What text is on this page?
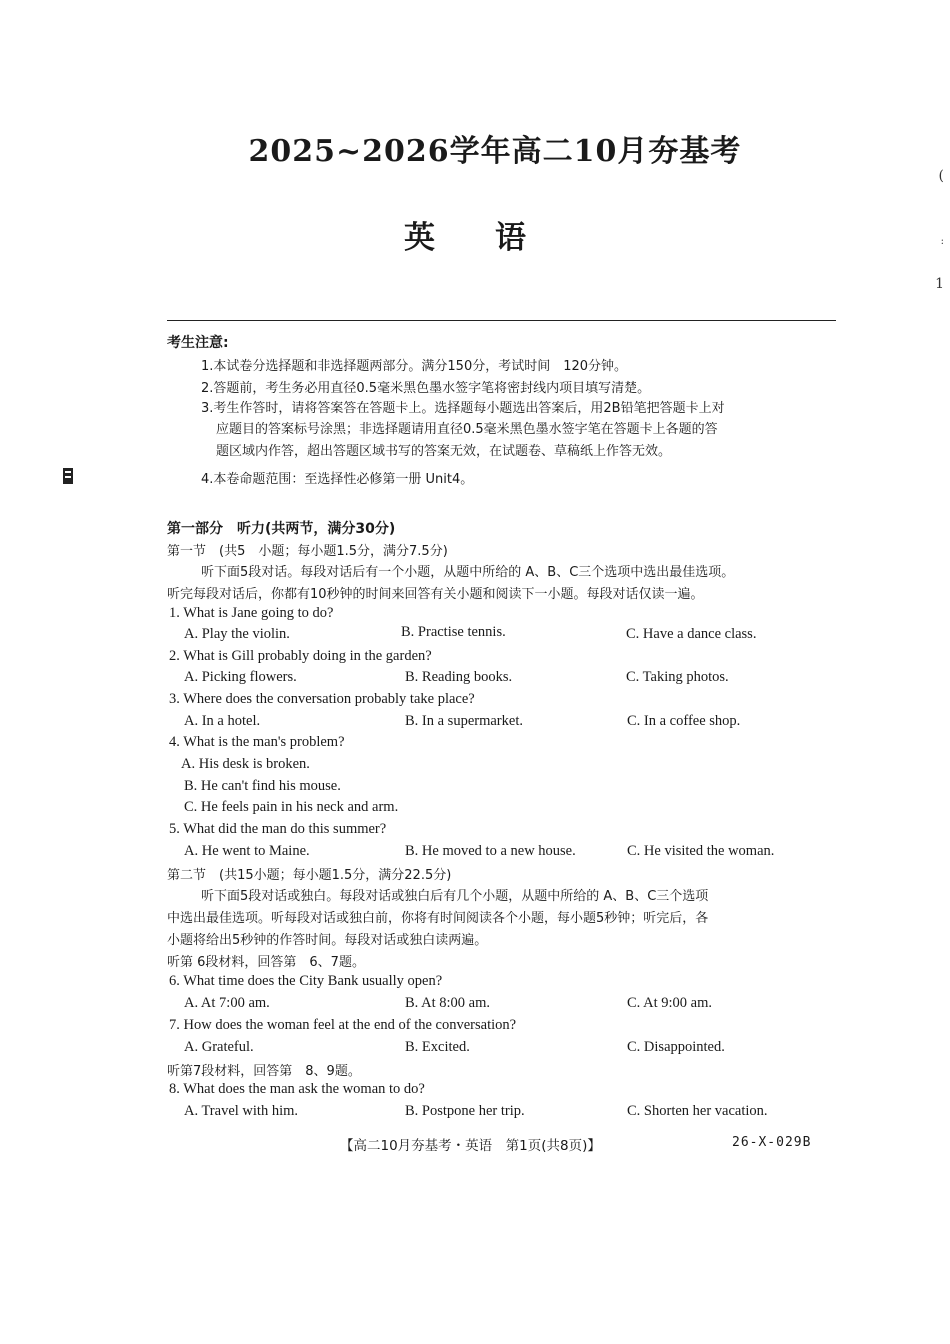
2025~2026学年高二10月夯基考
英语
(
:
1
考生注意:
1.本试卷分选择题和非选择题两部分。满分150分，考试时间　120分钟。
2.答题前，考生务必用直径0.5毫米黑色墨水签字笔将密封线内项目填写清楚。
3.考生作答时，请将答案答在答题卡上。选择题每小题选出答案后，用2B铅笔把答题卡上对
应题目的答案标号涂黑；非选择题请用直径0.5毫米黑色墨水签字笔在答题卡上各题的答
题区域内作答，超出答题区域书写的答案无效，在试题卷、草稿纸上作答无效。
4.本卷命题范围：至选择性必修第一册 Unit4。
第一部分　听力(共两节，满分30分)
第一节　(共5　小题；每小题1.5分，满分7.5分)
听下面5段对话。每段对话后有一个小题，从题中所给的 A、B、C三个选项中选出最佳选项。
听完每段对话后，你都有10秒钟的时间来回答有关小题和阅读下一小题。每段对话仅读一遍。
1. What is Jane going to do?
A. Play the violin.	B. Practise tennis.	C. Have a dance class.
2. What is Gill probably doing in the garden?
A. Picking flowers.	B. Reading books.	C. Taking photos.
3. Where does the conversation probably take place?
A. In a hotel.	B. In a supermarket.	C. In a coffee shop.
4. What is the man's problem?
A. His desk is broken.
B. He can't find his mouse.
C. He feels pain in his neck and arm.
5. What did the man do this summer?
A. He went to Maine.	B. He moved to a new house.	C. He visited the woman.
第二节　(共15小题；每小题1.5分，满分22.5分)
听下面5段对话或独白。每段对话或独白后有几个小题，从题中所给的 A、B、C三个选项
中选出最佳选项。听每段对话或独白前，你将有时间阅读各个小题，每小题5秒钟；听完后，各
小题将给出5秒钟的作答时间。每段对话或独白读两遍。
听第 6段材料，回答第　6、7题。
6. What time does the City Bank usually open?
A. At 7:00 am.	B. At 8:00 am.	C. At 9:00 am.
7. How does the woman feel at the end of the conversation?
A. Grateful.	B. Excited.	C. Disappointed.
听第7段材料，回答第　8、9题。
8. What does the man ask the woman to do?
A. Travel with him.	B. Postpone her trip.	C. Shorten her vacation.
【高二10月夯基考・英语　第1页(共8页)】	26-X-029B
